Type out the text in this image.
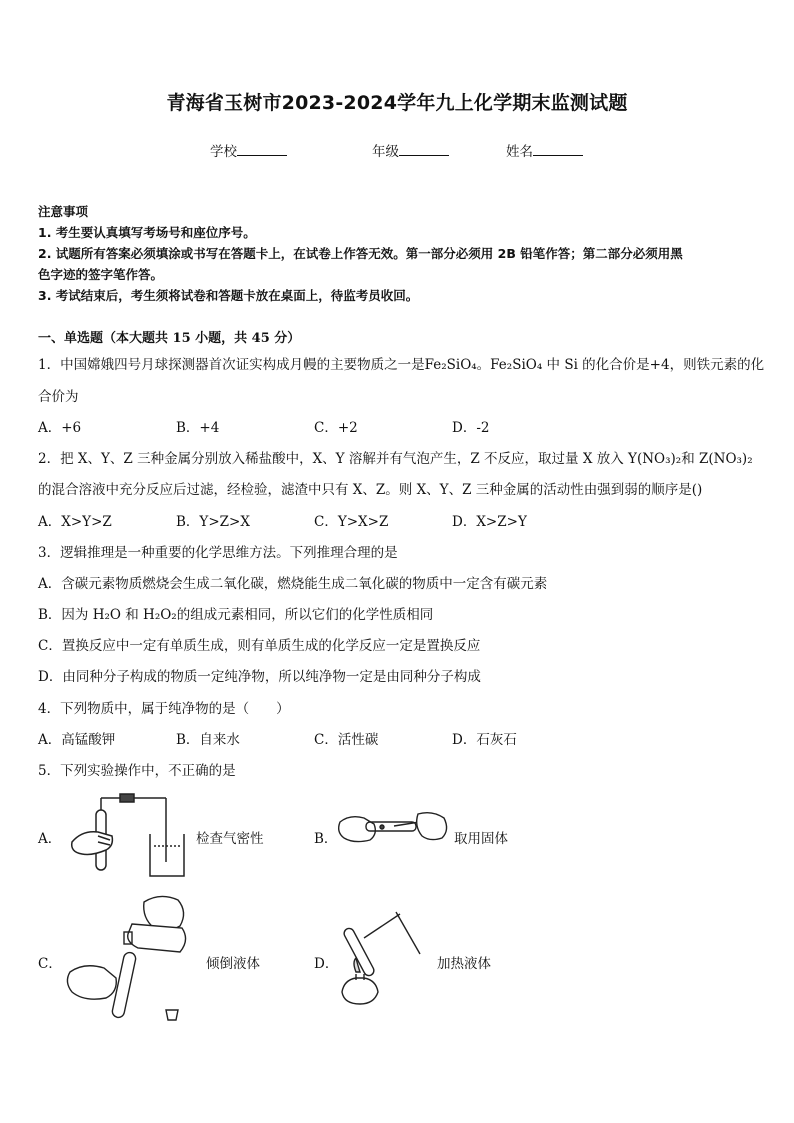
青海省玉树市2023-2024学年九上化学期末监测试题
学校	年级	姓名
注意事项
1. 考生要认真填写考场号和座位序号。
2. 试题所有答案必须填涂或书写在答题卡上，在试卷上作答无效。第一部分必须用 2B 铅笔作答；第二部分必须用黑
色字迹的签字笔作答。
3. 考试结束后，考生须将试卷和答题卡放在桌面上，待监考员收回。
一、单选题（本大题共 15 小题，共 45 分）
1．中国嫦娥四号月球探测器首次证实构成月幔的主要物质之一是Fe₂SiO₄。Fe₂SiO₄ 中 Si 的化合价是+4，则铁元素的化
合价为
A．+6	B．+4	C．+2	D．-2
2．把 X、Y、Z 三种金属分别放入稀盐酸中，X、Y 溶解并有气泡产生，Z 不反应，取过量 X 放入 Y(NO₃)₂和 Z(NO₃)₂
的混合溶液中充分反应后过滤，经检验，滤渣中只有 X、Z。则 X、Y、Z 三种金属的活动性由强到弱的顺序是()
A．X>Y>Z	B．Y>Z>X	C．Y>X>Z	D．X>Z>Y
3．逻辑推理是一种重要的化学思维方法。下列推理合理的是
A．含碳元素物质燃烧会生成二氧化碳，燃烧能生成二氧化碳的物质中一定含有碳元素
B．因为 H₂O 和 H₂O₂的组成元素相同，所以它们的化学性质相同
C．置换反应中一定有单质生成，则有单质生成的化学反应一定是置换反应
D．由同种分子构成的物质一定纯净物，所以纯净物一定是由同种分子构成
4．下列物质中，属于纯净物的是（　　）
A．高锰酸钾	B．自来水	C．活性碳	D．石灰石
5．下列实验操作中，不正确的是
A．	检查气密性	B．	取用固体
C．	倾倒液体	D．	加热液体
